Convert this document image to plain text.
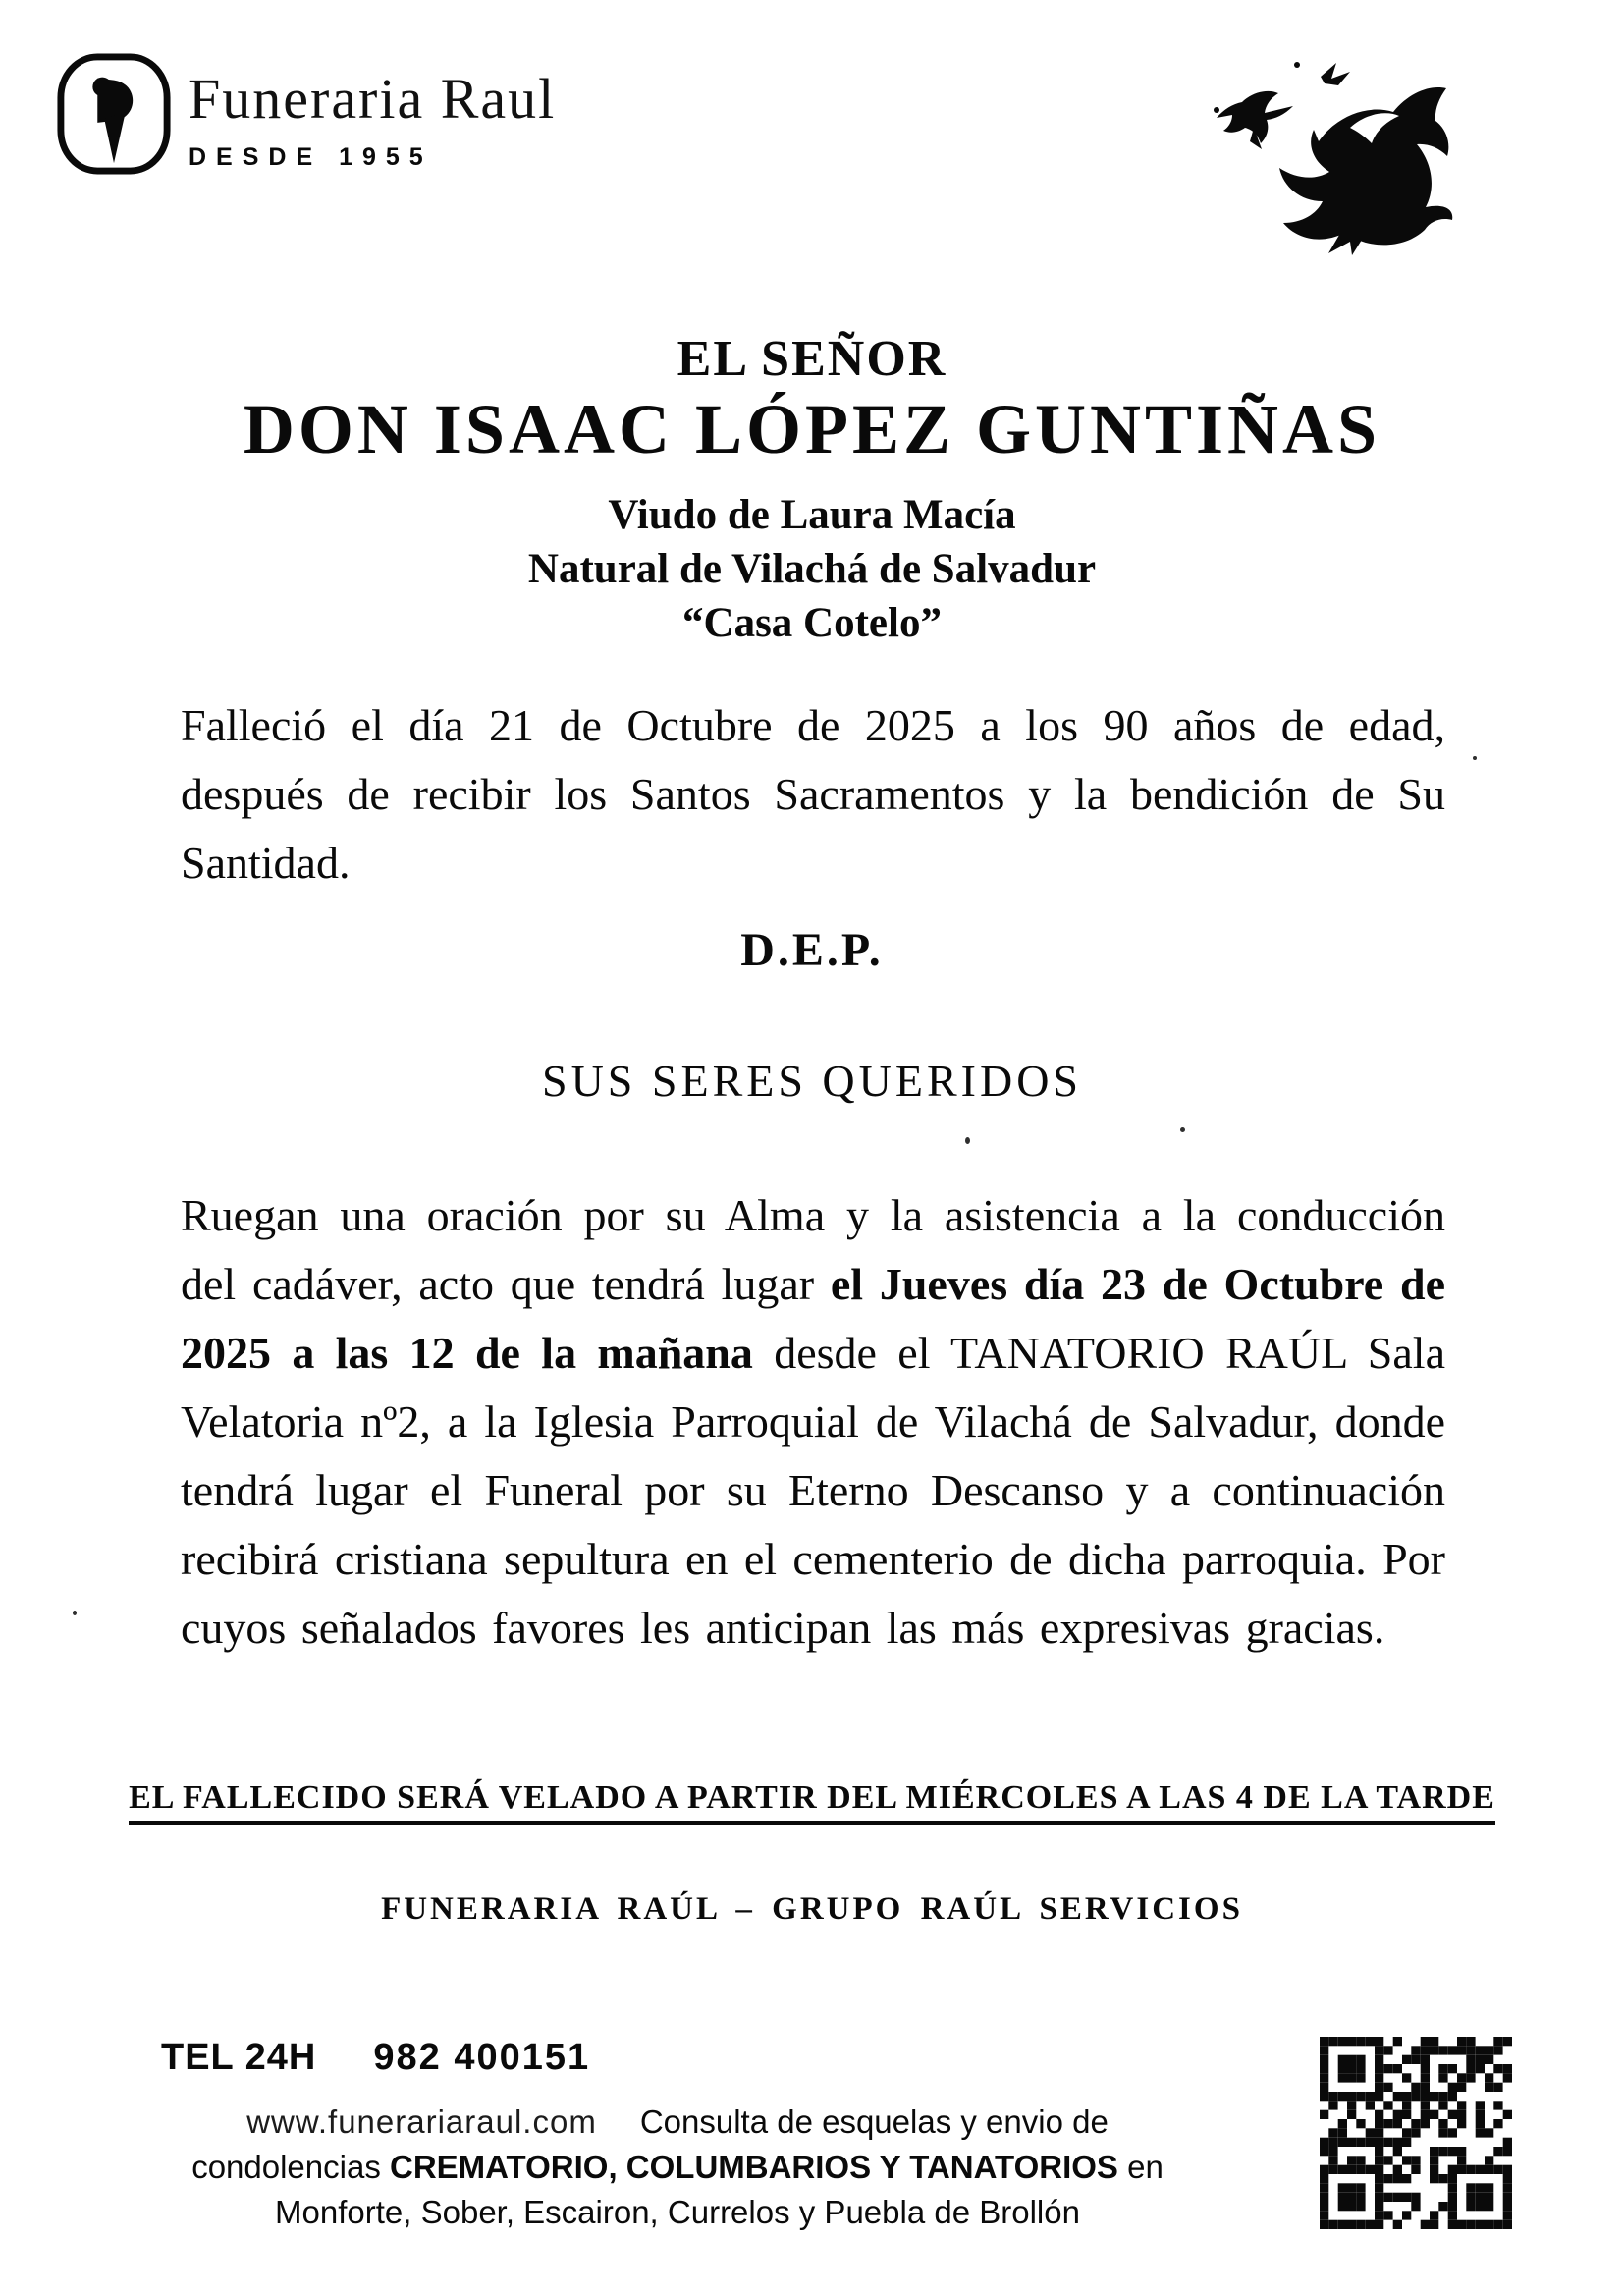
Funeraria Raul
DESDE 1955
EL SEÑOR
DON ISAAC LÓPEZ GUNTIÑAS
Viudo de Laura Macía
Natural de Vilachá de Salvadur
“Casa Cotelo”
Falleció el día 21 de Octubre de 2025 a los 90 años de edad, después de recibir los Santos Sacramentos y la bendición de Su Santidad.
D.E.P.
SUS SERES QUERIDOS
Ruegan una oración por su Alma y la asistencia a la conducción del cadáver, acto que tendrá lugar el Jueves día 23 de Octubre de 2025 a las 12 de la mañana desde el TANATORIO RAÚL Sala Velatoria nº2, a la Iglesia Parroquial de Vilachá de Salvadur, donde tendrá lugar el Funeral por su Eterno Descanso y a continuación recibirá cristiana sepultura en el cementerio de dicha parroquia. Por cuyos señalados favores les anticipan las más expresivas gracias.
EL FALLECIDO SERÁ VELADO A PARTIR DEL MIÉRCOLES A LAS 4 DE LA TARDE
FUNERARIA RAÚL – GRUPO RAÚL SERVICIOS
TEL 24H 982 400151
www.funerariaraul.com Consulta de esquelas y envio de
condolencias CREMATORIO, COLUMBARIOS Y TANATORIOS en
Monforte, Sober, Escairon, Currelos y Puebla de Brollón
